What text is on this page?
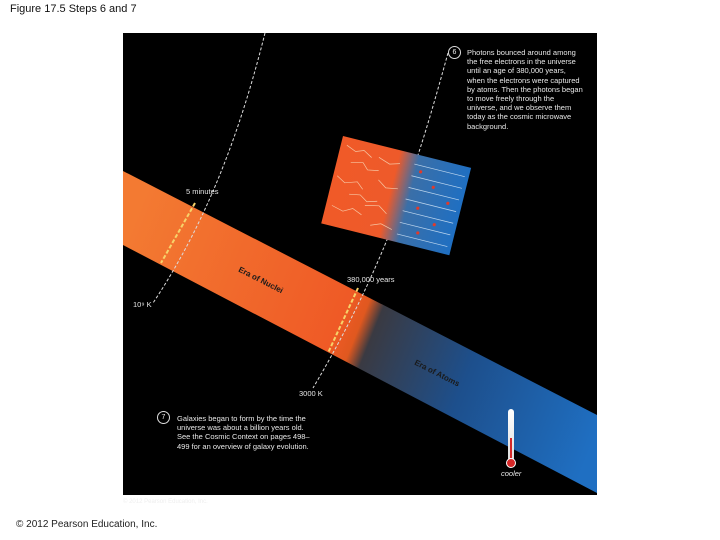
Figure 17.5 Steps 6 and 7
6	Photons bounced around among the free electrons in the universe until an age of 380,000 years, when the electrons were captured by atoms. Then the photons began to move freely through the universe, and we observe them today as the cosmic microwave background.
7	Galaxies began to form by the time the universe was about a billion years old. See the Cosmic Context on pages 498–499 for an overview of galaxy evolution.
Era of Nuclei
Era of Atoms
5 minutes
10⁹ K
380,000 years
3000 K
cooler
© 2012 Pearson Education, Inc.
© 2012 Pearson Education, Inc.
